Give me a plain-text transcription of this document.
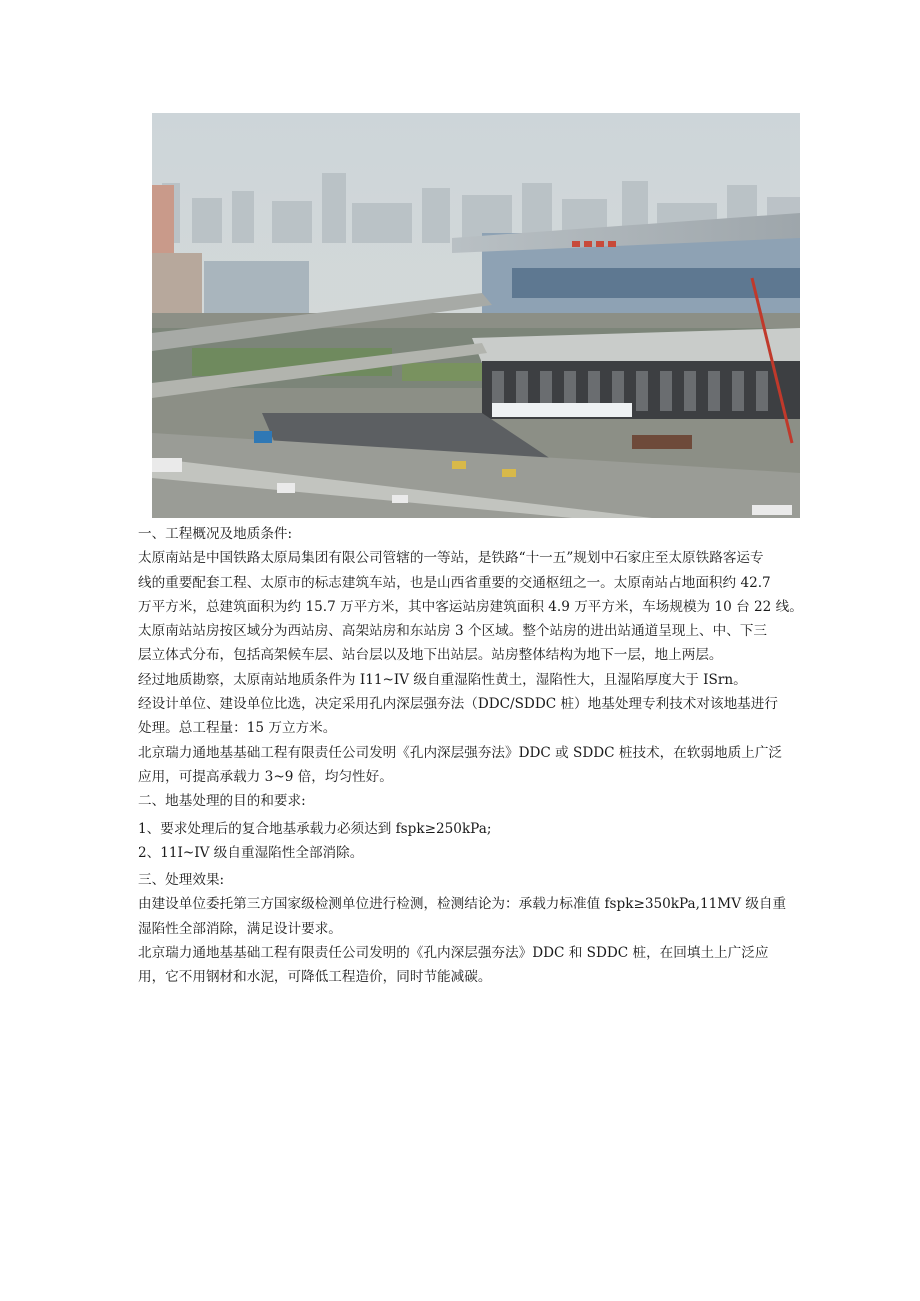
一、工程概况及地质条件:
太原南站是中国铁路太原局集团有限公司管辖的一等站，是铁路“十一五”规划中石家庄至太原铁路客运专
线的重要配套工程、太原市的标志建筑车站，也是山西省重要的交通枢纽之一。太原南站占地面积约 42.7
万平方米，总建筑面积为约 15.7 万平方米，其中客运站房建筑面积 4.9 万平方米，车场规模为 10 台 22 线。
太原南站站房按区域分为西站房、高架站房和东站房 3 个区域。整个站房的进出站通道呈现上、中、下三
层立体式分布，包括高架候车层、站台层以及地下出站层。站房整体结构为地下一层，地上两层。
经过地质勘察，太原南站地质条件为 I11~IV 级自重湿陷性黄土，湿陷性大，且湿陷厚度大于 ISrn。
经设计单位、建设单位比选，决定采用孔内深层强夯法（DDC/SDDC 桩）地基处理专利技术对该地基进行
处理。总工程量：15 万立方米。
北京瑞力通地基基础工程有限责任公司发明《孔内深层强夯法》DDC 或 SDDC 桩技术，在软弱地质上广泛
应用，可提高承载力 3~9 倍，均匀性好。
二、地基处理的目的和要求:
1、要求处理后的复合地基承载力必须达到 fspk≥250kPa;
2、11I~IV 级自重湿陷性全部消除。
三、处理效果:
由建设单位委托第三方国家级检测单位进行检测，检测结论为：承载力标准值 fspk≥350kPa,11MV 级自重
湿陷性全部消除，满足设计要求。
北京瑞力通地基基础工程有限责任公司发明的《孔内深层强夯法》DDC 和 SDDC 桩，在回填土上广泛应
用，它不用钢材和水泥，可降低工程造价，同时节能减碳。
